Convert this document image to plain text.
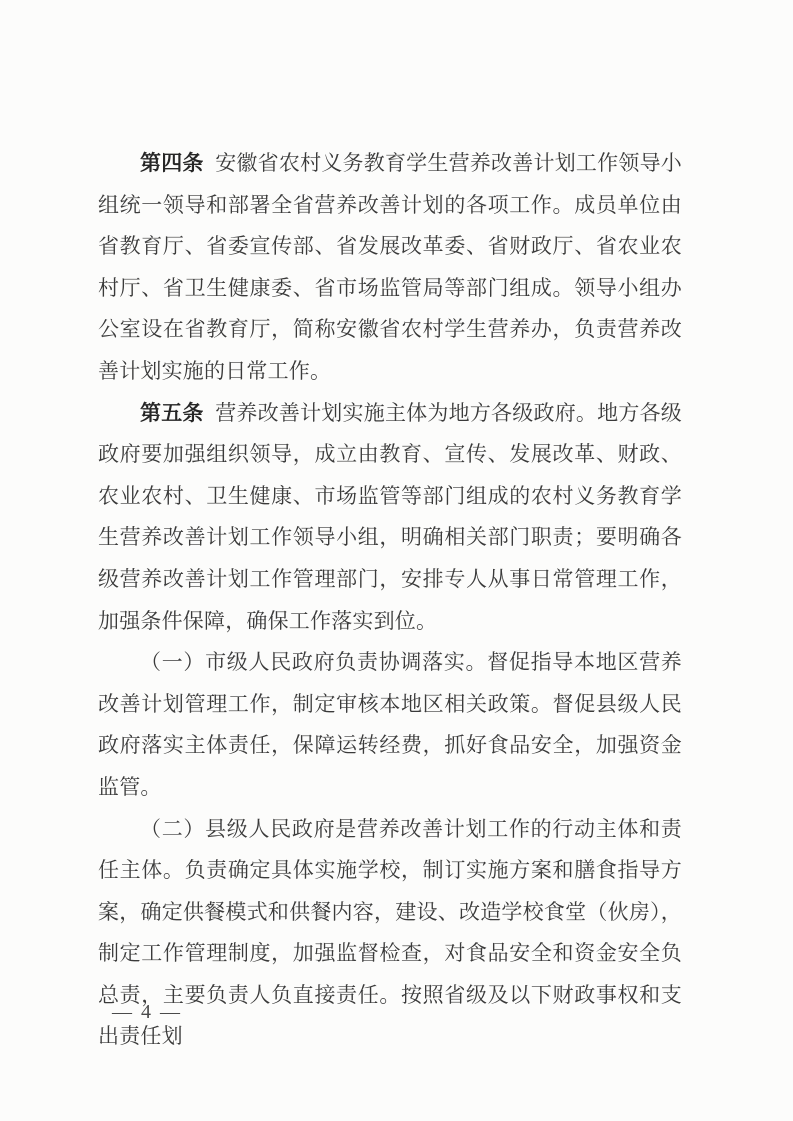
第四条 安徽省农村义务教育学生营养改善计划工作领导小组统一领导和部署全省营养改善计划的各项工作。成员单位由省教育厅、省委宣传部、省发展改革委、省财政厅、省农业农村厅、省卫生健康委、省市场监管局等部门组成。领导小组办公室设在省教育厅，简称安徽省农村学生营养办，负责营养改善计划实施的日常工作。

第五条 营养改善计划实施主体为地方各级政府。地方各级政府要加强组织领导，成立由教育、宣传、发展改革、财政、农业农村、卫生健康、市场监管等部门组成的农村义务教育学生营养改善计划工作领导小组，明确相关部门职责；要明确各级营养改善计划工作管理部门，安排专人从事日常管理工作，加强条件保障，确保工作落实到位。

（一）市级人民政府负责协调落实。督促指导本地区营养改善计划管理工作，制定审核本地区相关政策。督促县级人民政府落实主体责任，保障运转经费，抓好食品安全，加强资金监管。

（二）县级人民政府是营养改善计划工作的行动主体和责任主体。负责确定具体实施学校，制订实施方案和膳食指导方案，确定供餐模式和供餐内容，建设、改造学校食堂（伙房），制定工作管理制度，加强监督检查，对食品安全和资金安全负总责，主要负责人负直接责任。按照省级及以下财政事权和支出责任划

— 4 —
